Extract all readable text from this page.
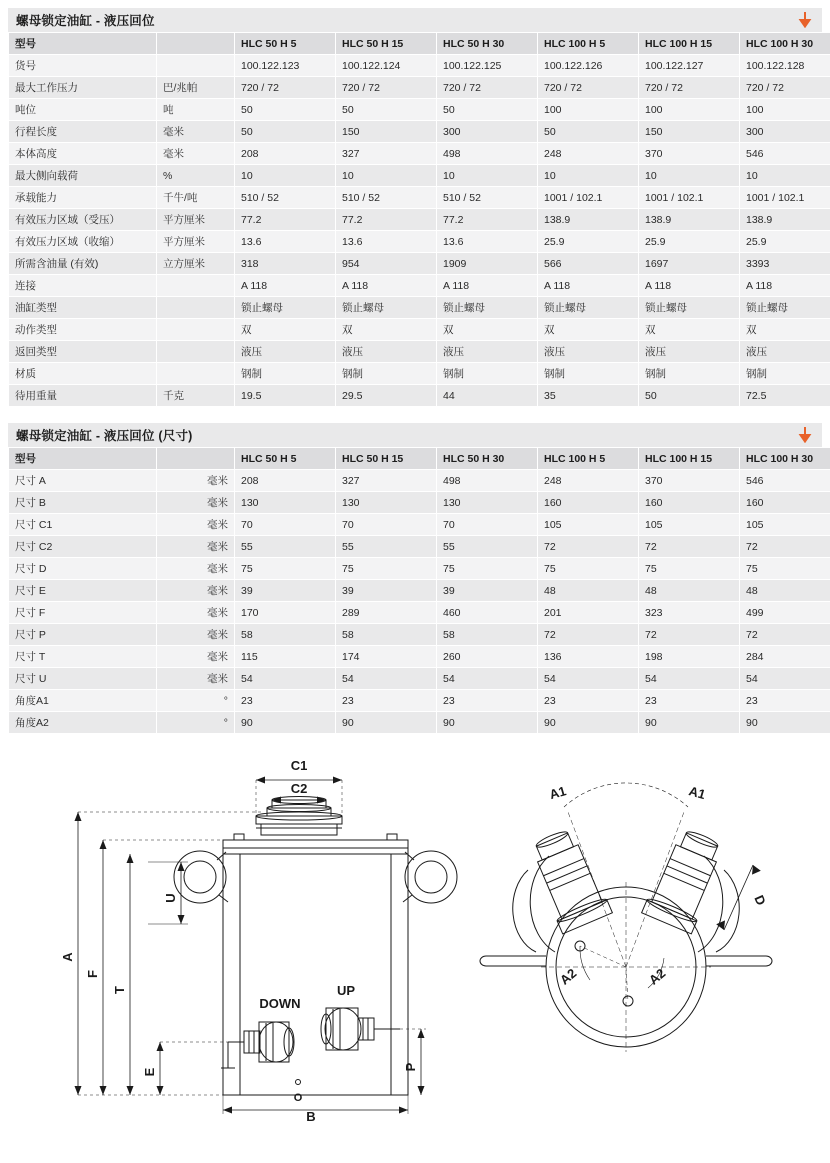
螺母锁定油缸 - 液压回位
型号		HLC 50 H 5	HLC 50 H 15	HLC 50 H 30	HLC 100 H 5	HLC 100 H 15	HLC 100 H 30
货号		100.122.123	100.122.124	100.122.125	100.122.126	100.122.127	100.122.128
最大工作压力	巴/兆帕	720 / 72	720 / 72	720 / 72	720 / 72	720 / 72	720 / 72
吨位	吨	50	50	50	100	100	100
行程长度	毫米	50	150	300	50	150	300
本体高度	毫米	208	327	498	248	370	546
最大侧向载荷	%	10	10	10	10	10	10
承载能力	千牛/吨	510 / 52	510 / 52	510 / 52	1001 / 102.1	1001 / 102.1	1001 / 102.1
有效压力区域（受压）	平方厘米	77.2	77.2	77.2	138.9	138.9	138.9
有效压力区域（收缩）	平方厘米	13.6	13.6	13.6	25.9	25.9	25.9
所需含油量 (有效)	立方厘米	318	954	1909	566	1697	3393
连接		A 118	A 118	A 118	A 118	A 118	A 118
油缸类型		锁止螺母	锁止螺母	锁止螺母	锁止螺母	锁止螺母	锁止螺母
动作类型		双	双	双	双	双	双
返回类型		液压	液压	液压	液压	液压	液压
材质		钢制	钢制	钢制	钢制	钢制	钢制
待用重量	千克	19.5	29.5	44	35	50	72.5
螺母锁定油缸 - 液压回位 (尺寸)
型号		HLC 50 H 5	HLC 50 H 15	HLC 50 H 30	HLC 100 H 5	HLC 100 H 15	HLC 100 H 30
尺寸 A	毫米	208	327	498	248	370	546
尺寸 B	毫米	130	130	130	160	160	160
尺寸 C1	毫米	70	70	70	105	105	105
尺寸 C2	毫米	55	55	55	72	72	72
尺寸 D	毫米	75	75	75	75	75	75
尺寸 E	毫米	39	39	39	48	48	48
尺寸 F	毫米	170	289	460	201	323	499
尺寸 P	毫米	58	58	58	72	72	72
尺寸 T	毫米	115	174	260	136	198	284
尺寸 U	毫米	54	54	54	54	54	54
角度A1	°	23	23	23	23	23	23
角度A2	°	90	90	90	90	90	90
C1
C2
A
F
T
U
E
P
B
O
DOWN
UP
A1	A1
A2	A2
D
